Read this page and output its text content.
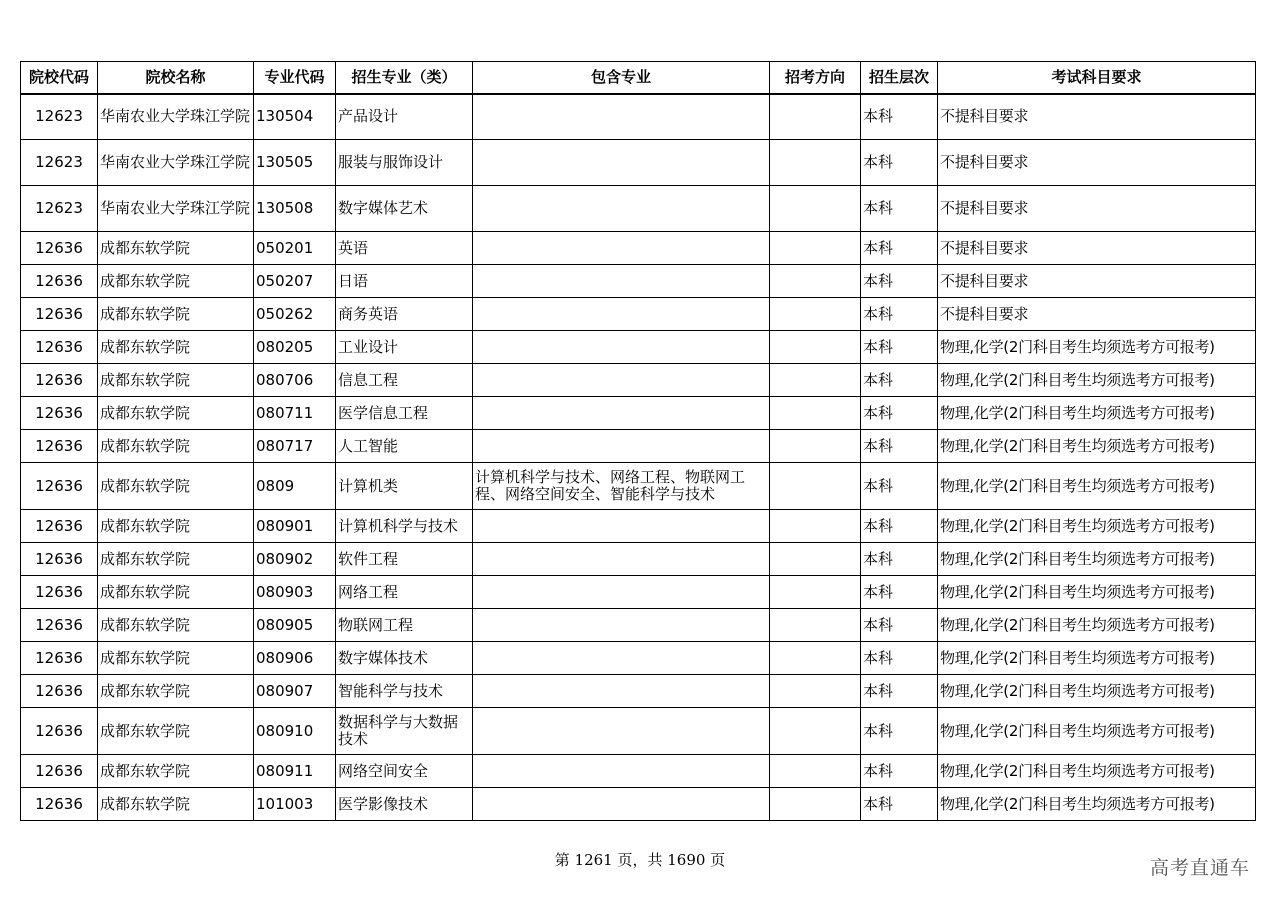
院校代码	院校名称	专业代码	招生专业（类）	包含专业	招考方向	招生层次	考试科目要求
12623	华南农业大学珠江学院	130504	产品设计			本科	不提科目要求
12623	华南农业大学珠江学院	130505	服装与服饰设计			本科	不提科目要求
12623	华南农业大学珠江学院	130508	数字媒体艺术			本科	不提科目要求
12636	成都东软学院	050201	英语			本科	不提科目要求
12636	成都东软学院	050207	日语			本科	不提科目要求
12636	成都东软学院	050262	商务英语			本科	不提科目要求
12636	成都东软学院	080205	工业设计			本科	物理,化学(2门科目考生均须选考方可报考)
12636	成都东软学院	080706	信息工程			本科	物理,化学(2门科目考生均须选考方可报考)
12636	成都东软学院	080711	医学信息工程			本科	物理,化学(2门科目考生均须选考方可报考)
12636	成都东软学院	080717	人工智能			本科	物理,化学(2门科目考生均须选考方可报考)
12636	成都东软学院	0809	计算机类	计算机科学与技术、网络工程、物联网工程、网络空间安全、智能科学与技术		本科	物理,化学(2门科目考生均须选考方可报考)
12636	成都东软学院	080901	计算机科学与技术			本科	物理,化学(2门科目考生均须选考方可报考)
12636	成都东软学院	080902	软件工程			本科	物理,化学(2门科目考生均须选考方可报考)
12636	成都东软学院	080903	网络工程			本科	物理,化学(2门科目考生均须选考方可报考)
12636	成都东软学院	080905	物联网工程			本科	物理,化学(2门科目考生均须选考方可报考)
12636	成都东软学院	080906	数字媒体技术			本科	物理,化学(2门科目考生均须选考方可报考)
12636	成都东软学院	080907	智能科学与技术			本科	物理,化学(2门科目考生均须选考方可报考)
12636	成都东软学院	080910	数据科学与大数据技术			本科	物理,化学(2门科目考生均须选考方可报考)
12636	成都东软学院	080911	网络空间安全			本科	物理,化学(2门科目考生均须选考方可报考)
12636	成都东软学院	101003	医学影像技术			本科	物理,化学(2门科目考生均须选考方可报考)
第 1261 页，共 1690 页	高考直通车
